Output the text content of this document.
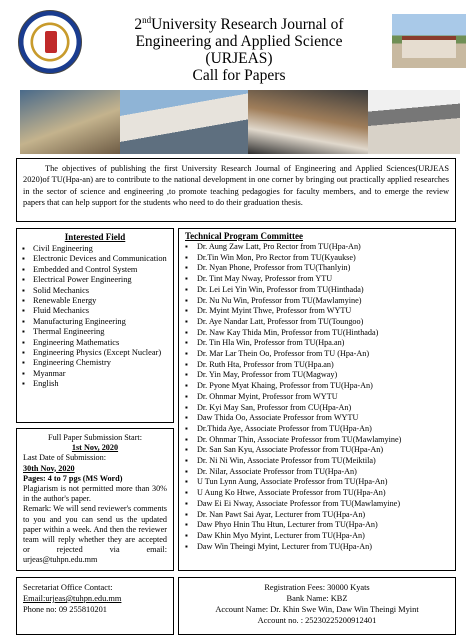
2ndUniversity Research Journal of
Engineering and Applied Science
(URJEAS)
Call for Papers
The objectives of publishing the first University Research Journal of Engineering and Applied Sciences(URJEAS 2020)of TU(Hpa-an) are to contribute to the national development in one corner by bringing out practically applied researches in the sector of science and engineering ,to promote teaching pedagogies for faculty members, and to emerge the review papers that can help support for the students who need to do their graduation thesis.
Interested Field
▪ Civil Engineering
▪ Electronic Devices and Communication
▪ Embedded and Control System
▪ Electrical Power Engineering
▪ Solid Mechanics
▪ Renewable Energy
▪ Fluid Mechanics
▪ Manufacturing Engineering
▪ Thermal Engineering
▪ Engineering Mathematics
▪ Engineering Physics (Except Nuclear)
▪ Engineering Chemistry
▪ Myanmar
▪ English
Full Paper Submission Start:
1st Nov, 2020
Last Date of Submission:
30th Nov, 2020
Pages: 4 to 7 pgs (MS Word)
Plagiarism is not permitted more than 30% in the author's paper.
Remark: We will send reviewer's comments to you and you can send us the updated paper within a week. And then the reviewer team will reply whether they are accepted or rejected via email: urjeas@tuhpn.edu.mm
Technical Program Committee
▪ Dr. Aung Zaw Latt, Pro Rector from TU(Hpa-An)
▪ Dr.Tin Win Mon, Pro Rector from TU(Kyaukse)
▪ Dr. Nyan Phone, Professor from TU(Thanlyin)
▪ Dr. Tint May Nway, Professor from YTU
▪ Dr. Lei Lei Yin Win, Professor from TU(Hinthada)
▪ Dr. Nu Nu Win, Professor from TU(Mawlamyine)
▪ Dr. Myint Myint Thwe, Professor from WYTU
▪ Dr. Aye Nandar Latt, Professor from TU(Toungoo)
▪ Dr. Naw Kay Thida Min, Professor from TU(Hinthada)
▪ Dr. Tin Hla Win, Professor from TU(Hpa.an)
▪ Dr. Mar Lar Thein Oo, Professor from TU (Hpa-An)
▪ Dr. Ruth Hta, Professor from TU(Hpa.an)
▪ Dr. Yin May, Professor from TU(Magway)
▪ Dr. Pyone Myat Khaing, Professor from TU(Hpa-An)
▪ Dr. Ohnmar Myint, Professor from WYTU
▪ Dr. Kyi May San, Professor from CU(Hpa-An)
▪ Daw Thida Oo, Associate Professor from WYTU
▪ Dr.Thida Aye, Associate Professor from TU(Hpa-An)
▪ Dr. Ohnmar Thin, Associate Professor from TU(Mawlamyine)
▪ Dr. San San Kyu, Associate Professor from TU(Hpa-An)
▪ Dr. Ni Ni Win, Associate Professor from TU(Meiktila)
▪ Dr. Nilar, Associate Professor from TU(Hpa-An)
▪ U Tun Lynn Aung, Associate Professor from TU(Hpa-An)
▪ U Aung Ko Htwe, Associate Professor from TU(Hpa-An)
▪ Daw Ei Ei Nway, Associate Professor from TU(Mawlamyine)
▪ Dr. Nan Pawt Sai Ayar, Lecturer from TU(Hpa-An)
▪ Daw Phyo Hnin Thu Htun, Lecturer from TU(Hpa-An)
▪ Daw Khin Myo Myint, Lecturer from TU(Hpa-An)
▪ Daw Win Theingi Myint, Lecturer from TU(Hpa-An)
Secretariat Office Contact:
Email:urjeas@tuhpn.edu.mm
Phone no: 09 255810201
Registration Fees: 30000 Kyats
Bank Name: KBZ
Account Name: Dr. Khin Swe Win, Daw Win Theingi Myint
Account no. : 25230225200912401
